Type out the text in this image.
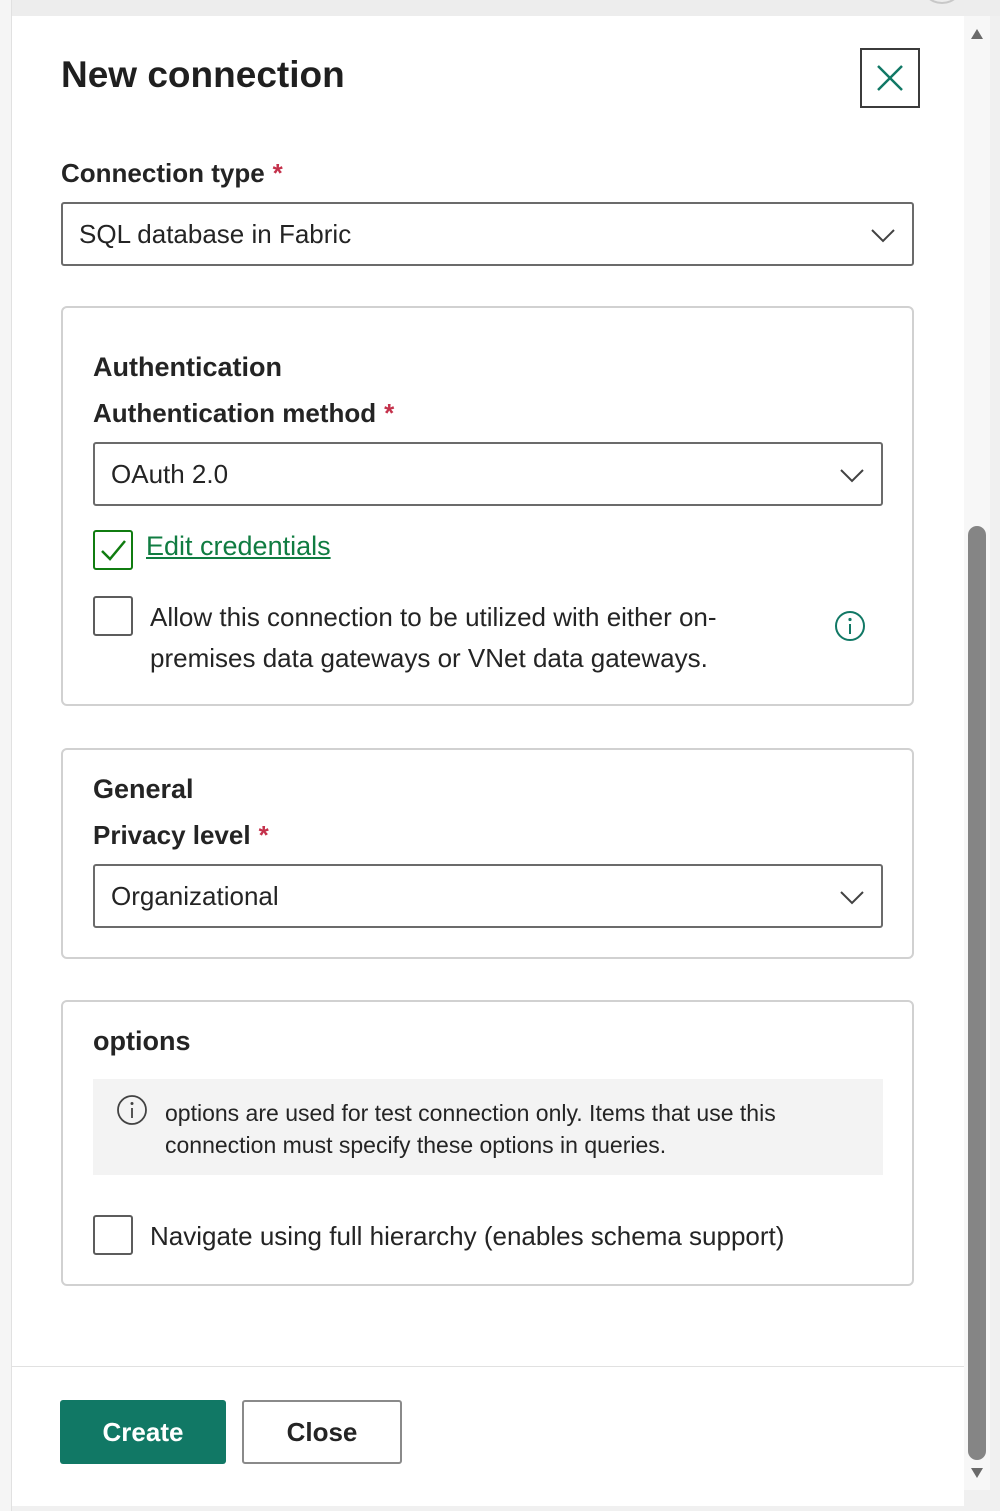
New connection
Connection type *
SQL database in Fabric
Authentication
Authentication method *
OAuth 2.0
Edit credentials
Allow this connection to be utilized with either on-premises data gateways or VNet data gateways.
General
Privacy level *
Organizational
options
options are used for test connection only. Items that use this connection must specify these options in queries.
Navigate using full hierarchy (enables schema support)
Create	Close
